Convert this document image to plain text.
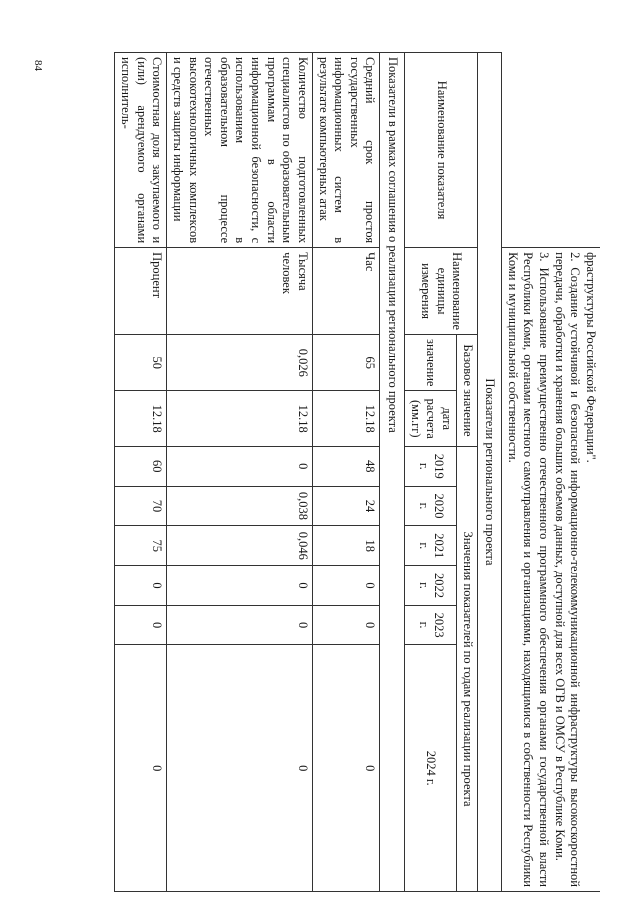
84

	фраструктуры Российской Федерации".
2. Создание устойчивой и безопасной информационно-телекоммуникационной инфраструктуры высокоскоростной передачи, обработки и хранения больших объемов данных, доступной для всех ОГВ и ОМСУ в Республике Коми.
3. Использование преимущественно отечественного программного обеспечения органами государственной власти Республики Коми, органами местного самоуправления и организациями, находящимися в собственности Республики Коми и муниципальной собственности.								

Показатели регионального проекта									
Наименование показателя	Наименование единицы измерения	Базовое значение		Значения показателей по годам реализации проекта					
		значение	дата расчета (мм.гг)	2019 г.	2020 г.	2021 г.	2022 г.	2023 г.	2024 г.
Показатели в рамках соглашения о реализации регионального проекта									
Средний срок простоя государственных информационных систем в результате компьютерных атак	Час	65	12.18	48	24	18	0	0	0
Количество подготовленных специалистов по образовательным программам в области информационной безопасности, с использованием в образовательном процессе отечественных высокотехнологичных комплексов и средств защиты информации	Тысяча человек	0,026	12.18	0	0,038	0,046	0	0	0
Стоимостная доля закупаемого и (или) арендуемого органами исполнитель-	Процент	50	12.18	60	70	75	0	0	0
